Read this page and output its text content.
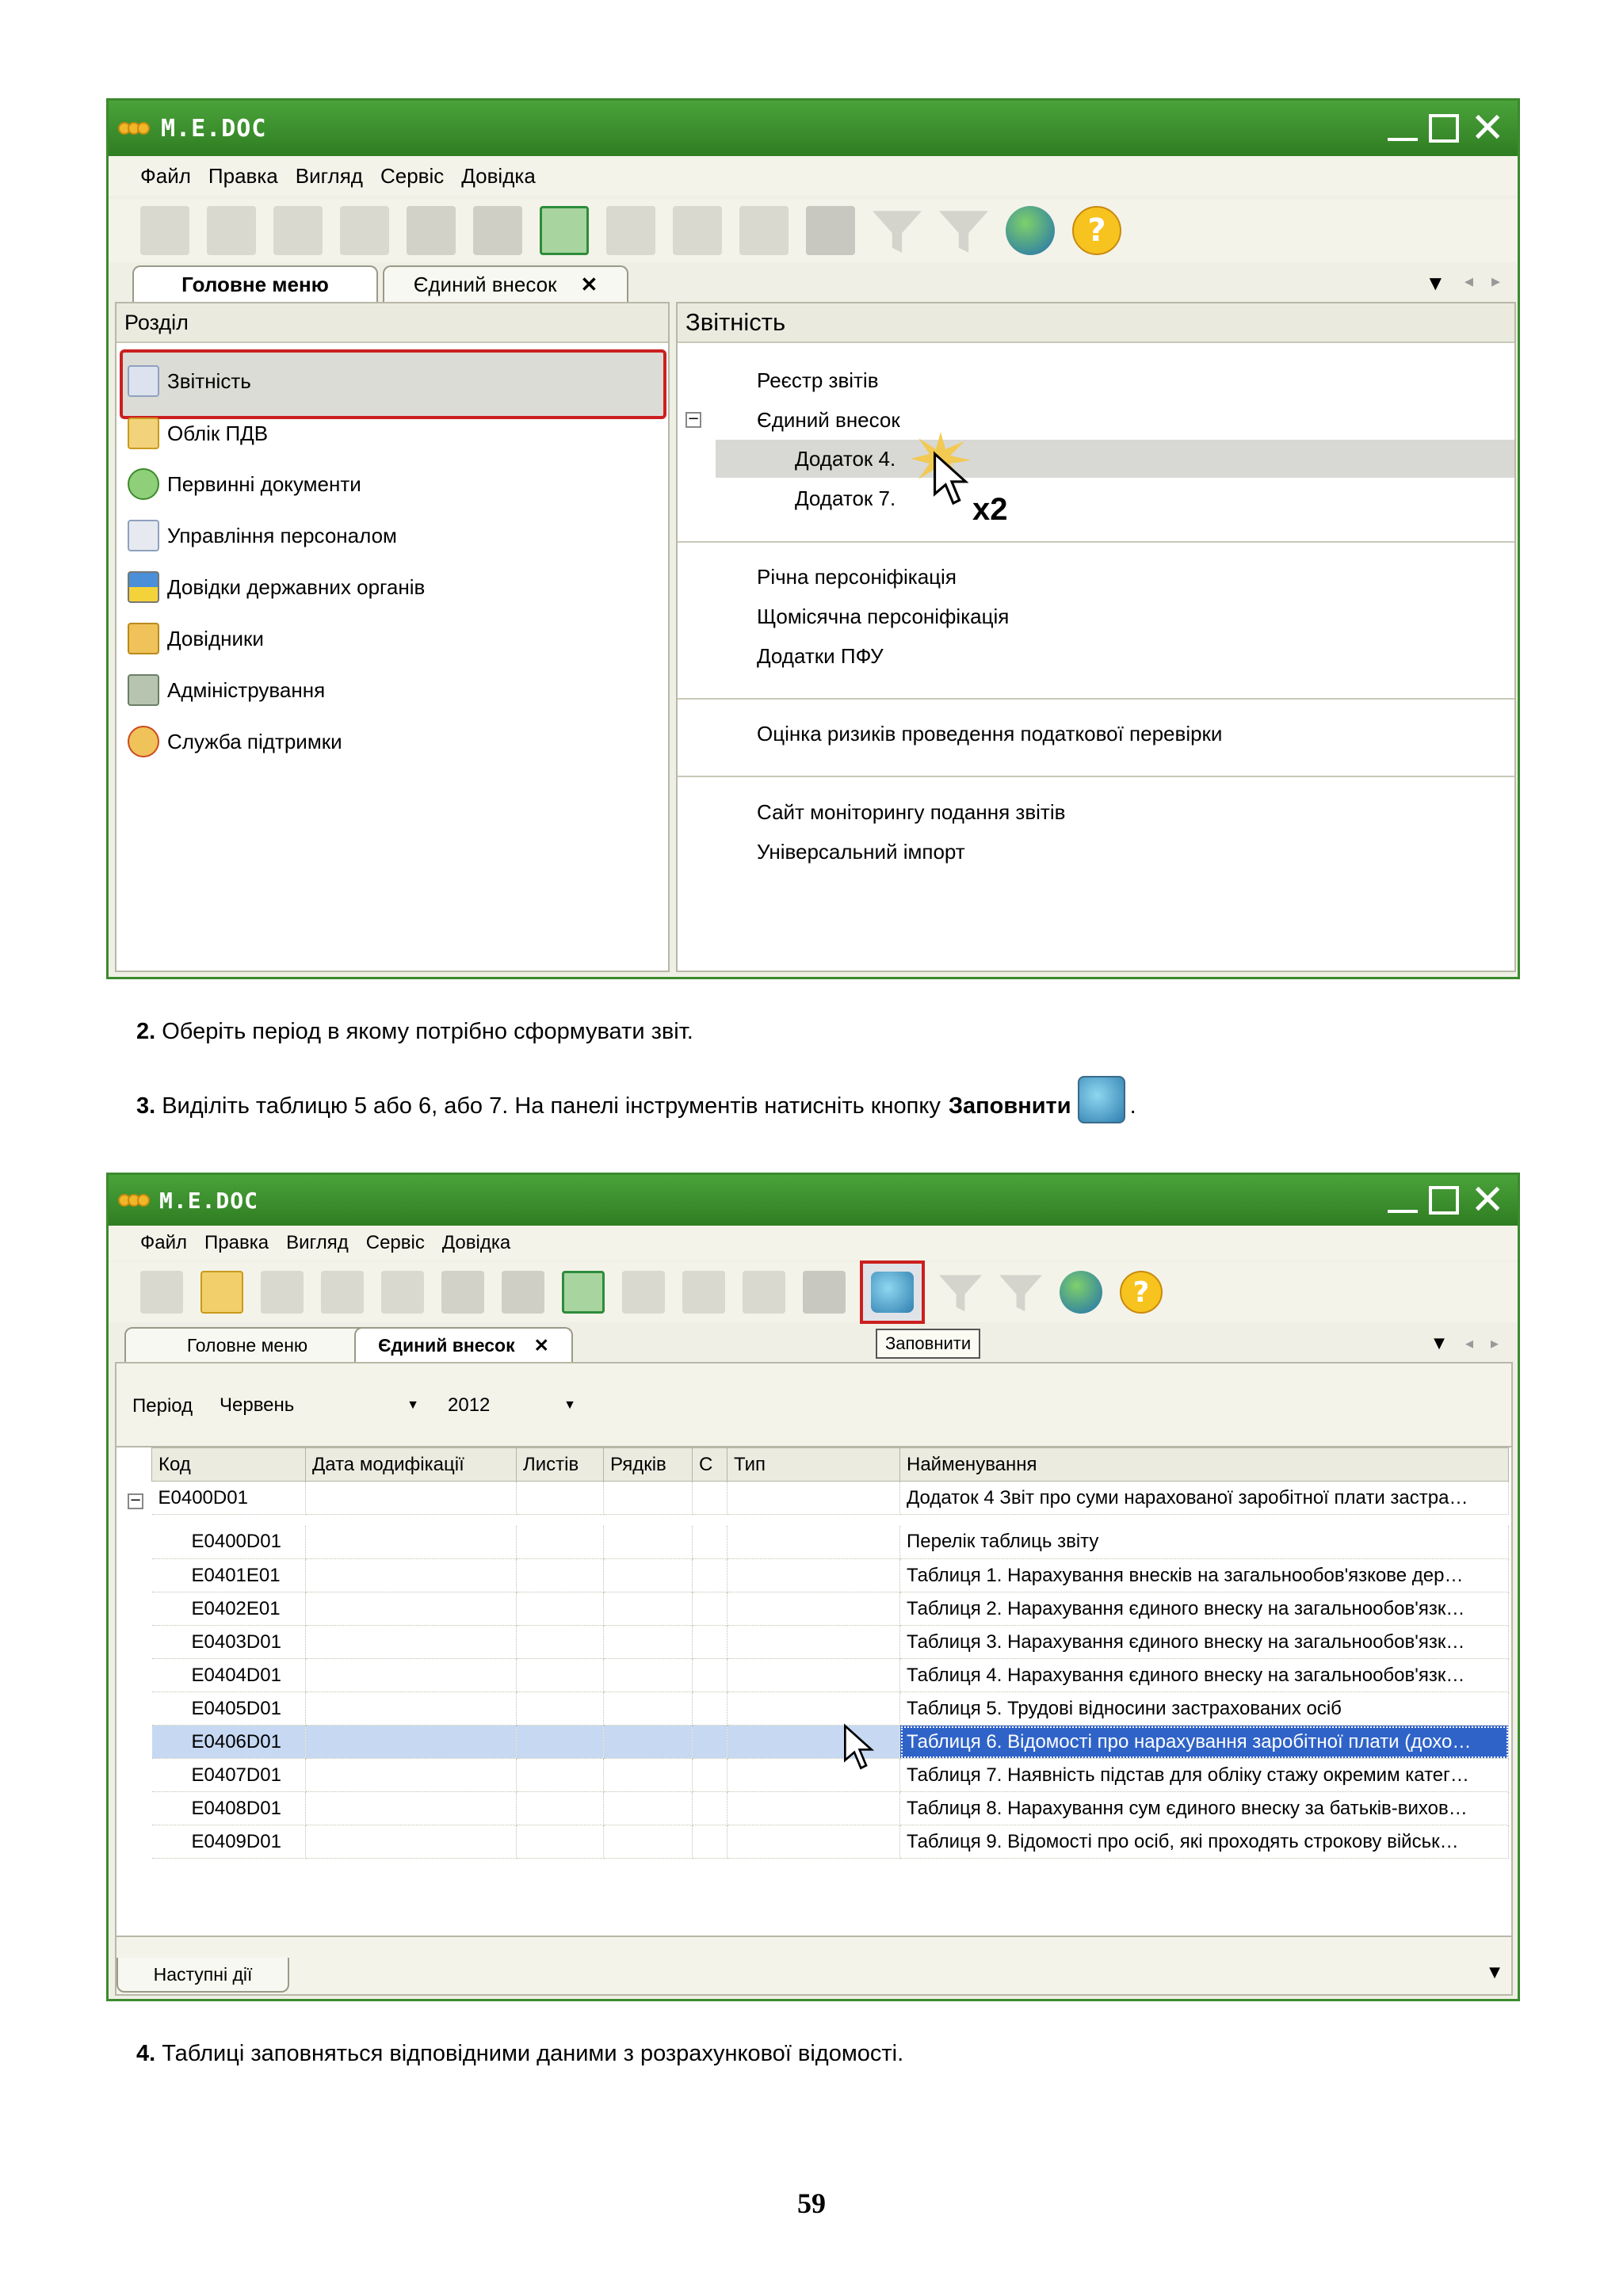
M.E.DOC	✕
Файл Правка Вигляд Сервіс Довідка
?
Головне меню	Єдиний внесок ✕	▼ ◂ ▸
Розділ
Звітність
Облік ПДВ
Первинні документи
Управління персоналом
Довідки державних органів
Довідники
Адміністрування
Служба підтримки
Звітність
Реєстр звітів
−	Єдиний внесок
Додаток 4.
Додаток 7. x2
Річна персоніфікація
Щомісячна персоніфікація
Додатки ПФУ
Оцінка ризиків проведення податкової перевірки
Сайт моніторингу подання звітів
Універсальний імпорт
2. Оберіть період в якому потрібно сформувати звіт.
3. Виділіть таблицю 5 або 6, або 7. На панелі інструментів натисніть кнопку Заповнити	.
M.E.DOC	✕
Файл Правка Вигляд Сервіс Довідка
?
Головне меню	Єдиний внесок ✕	Заповнити	▼ ◂ ▸
Період Червень	▼ 2012	▼
Код	Дата модифікації	Листів	Рядків	С	Тип	Найменування
E0400D01						Додаток 4 Звіт про суми нарахованої заробітної плати застра…

E0400D01						Перелік таблиць звіту
E0401E01						Таблиця 1. Нарахування внесків на загальнообов'язкове дер…
E0402E01						Таблиця 2. Нарахування єдиного внеску на загальнообов'язк…
E0403D01						Таблиця 3. Нарахування єдиного внеску на загальнообов'язк…
E0404D01						Таблиця 4. Нарахування єдиного внеску на загальнообов'язк…
E0405D01						Таблиця 5. Трудові відносини застрахованих осіб
E0406D01						Таблиця 6. Відомості про нарахування заробітної плати (дохо…
E0407D01						Таблиця 7. Наявність підстав для обліку стажу окремим катег…
E0408D01						Таблиця 8. Нарахування сум єдиного внеску за батьків-вихов…
E0409D01						Таблиця 9. Відомості про осіб, які проходять строкову військ…
−
Наступні дії	▼
4. Таблиці заповняться відповідними даними з розрахункової відомості.
59
